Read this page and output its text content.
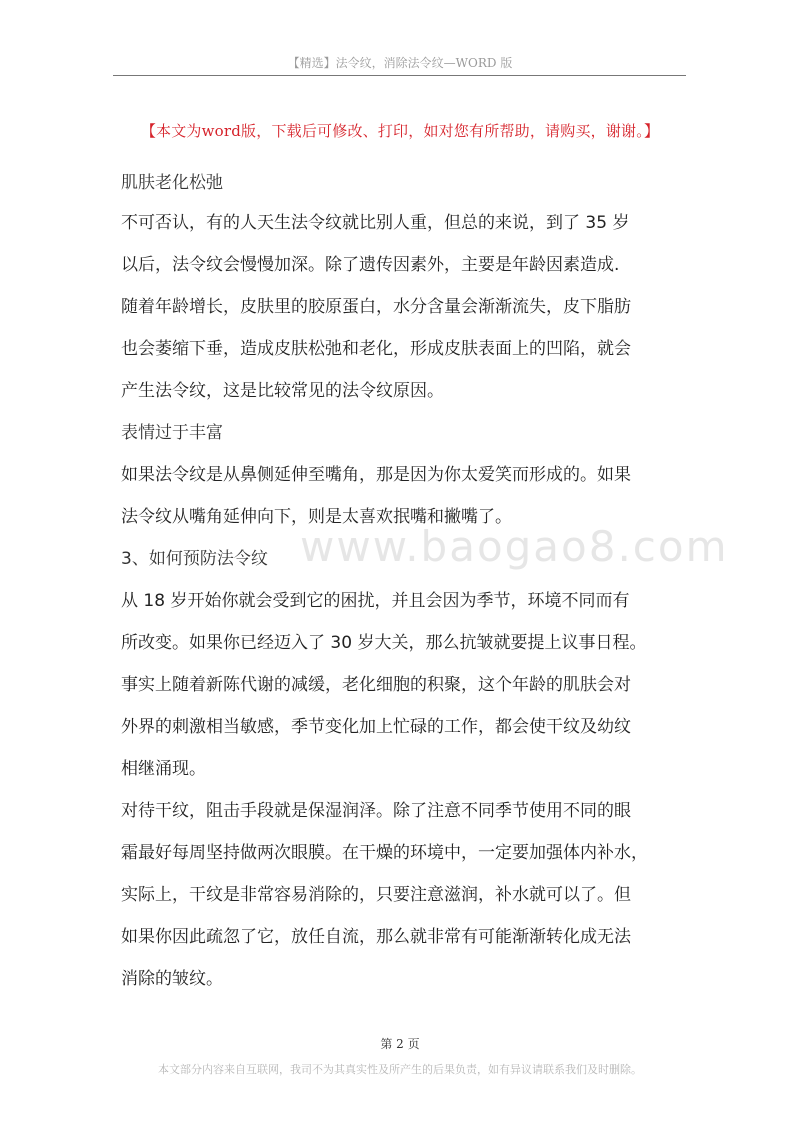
【精选】法令纹，消除法令纹—WORD 版
【本文为word版，下载后可修改、打印，如对您有所帮助，请购买，谢谢。】
www.baogao8.com
肌肤老化松弛
不可否认，有的人天生法令纹就比别人重，但总的来说，到了 35 岁
以后，法令纹会慢慢加深。除了遗传因素外，主要是年龄因素造成.
随着年龄增长，皮肤里的胶原蛋白，水分含量会渐渐流失，皮下脂肪
也会萎缩下垂，造成皮肤松弛和老化，形成皮肤表面上的凹陷，就会
产生法令纹，这是比较常见的法令纹原因。
表情过于丰富
如果法令纹是从鼻侧延伸至嘴角，那是因为你太爱笑而形成的。如果
法令纹从嘴角延伸向下，则是太喜欢抿嘴和撇嘴了。
3、如何预防法令纹
从 18 岁开始你就会受到它的困扰，并且会因为季节，环境不同而有
所改变。如果你已经迈入了 30 岁大关，那么抗皱就要提上议事日程。
事实上随着新陈代谢的减缓，老化细胞的积聚，这个年龄的肌肤会对
外界的刺激相当敏感，季节变化加上忙碌的工作，都会使干纹及幼纹
相继涌现。
对待干纹，阻击手段就是保湿润泽。除了注意不同季节使用不同的眼
霜最好每周坚持做两次眼膜。在干燥的环境中，一定要加强体内补水，
实际上，干纹是非常容易消除的，只要注意滋润，补水就可以了。但
如果你因此疏忽了它，放任自流，那么就非常有可能渐渐转化成无法
消除的皱纹。
第 2 页
本文部分内容来自互联网，我司不为其真实性及所产生的后果负责，如有异议请联系我们及时删除。
